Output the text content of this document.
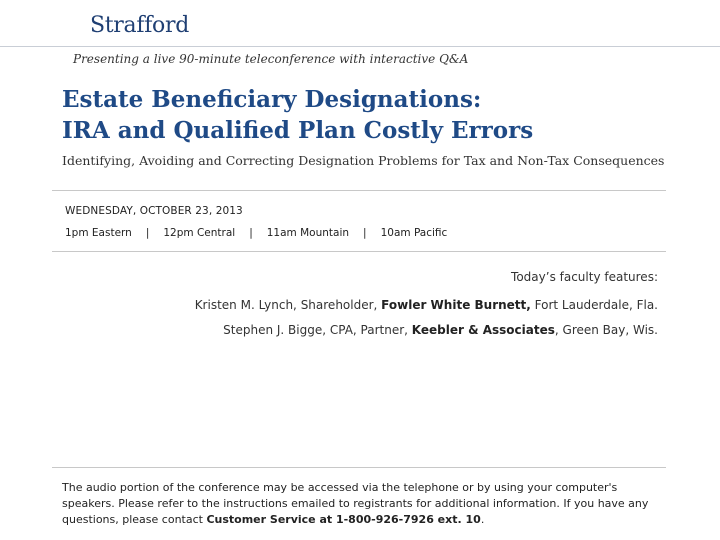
Strafford
Presenting a live 90-minute teleconference with interactive Q&A
Estate Beneficiary Designations:
IRA and Qualified Plan Costly Errors
Identifying, Avoiding and Correcting Designation Problems for Tax and Non-Tax Consequences
WEDNESDAY, OCTOBER 23, 2013
1pm Eastern | 12pm Central | 11am Mountain | 10am Pacific
Today’s faculty features:
Kristen M. Lynch, Shareholder, Fowler White Burnett, Fort Lauderdale, Fla.
Stephen J. Bigge, CPA, Partner, Keebler & Associates, Green Bay, Wis.
The audio portion of the conference may be accessed via the telephone or by using your computer's speakers. Please refer to the instructions emailed to registrants for additional information. If you have any questions, please contact Customer Service at 1-800-926-7926 ext. 10.
